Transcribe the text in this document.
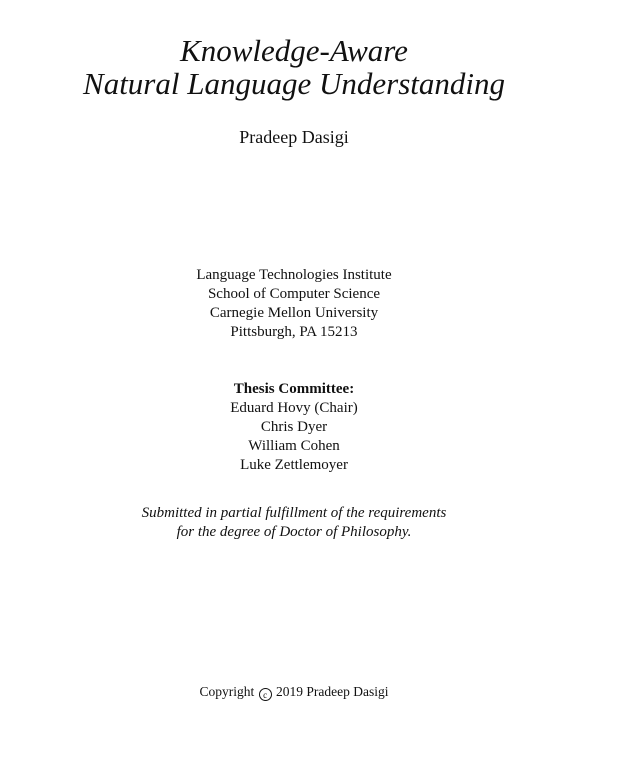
Knowledge-Aware
Natural Language Understanding
Pradeep Dasigi
Language Technologies Institute
School of Computer Science
Carnegie Mellon University
Pittsburgh, PA 15213
Thesis Committee:
Eduard Hovy (Chair)
Chris Dyer
William Cohen
Luke Zettlemoyer
Submitted in partial fulfillment of the requirements
for the degree of Doctor of Philosophy.
Copyright c 2019 Pradeep Dasigi
